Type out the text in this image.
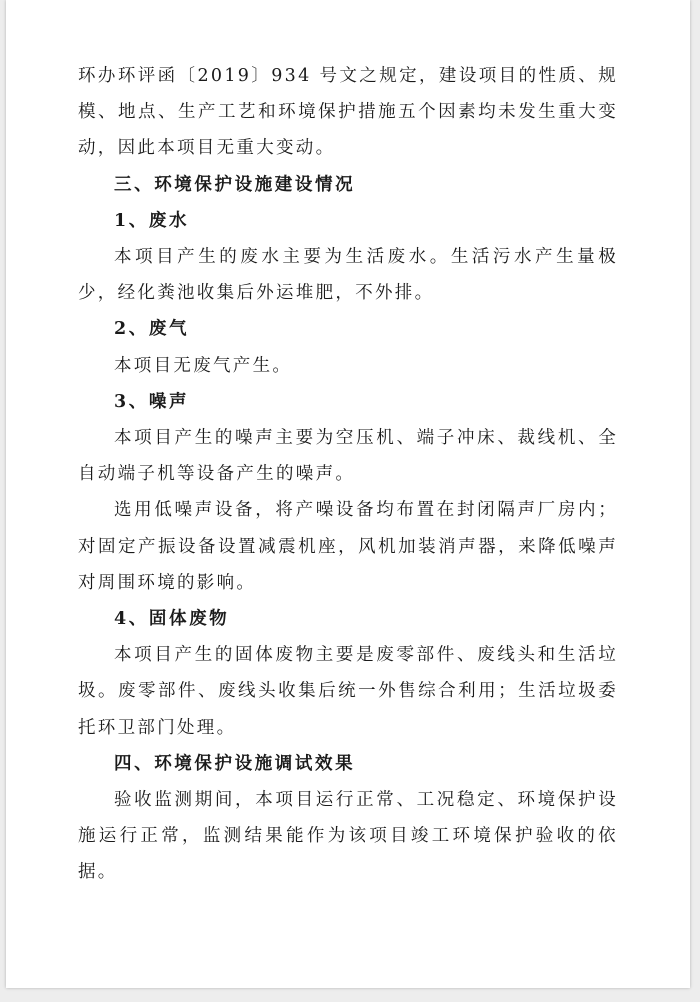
环办环评函〔2019〕934 号文之规定，建设项目的性质、规模、地点、生产工艺和环境保护措施五个因素均未发生重大变动，因此本项目无重大变动。

三、环境保护设施建设情况

1、废水

本项目产生的废水主要为生活废水。生活污水产生量极少，经化粪池收集后外运堆肥，不外排。

2、废气

本项目无废气产生。

3、噪声

本项目产生的噪声主要为空压机、端子冲床、裁线机、全自动端子机等设备产生的噪声。

选用低噪声设备，将产噪设备均布置在封闭隔声厂房内；对固定产振设备设置减震机座，风机加装消声器，来降低噪声对周围环境的影响。

4、固体废物

本项目产生的固体废物主要是废零部件、废线头和生活垃圾。废零部件、废线头收集后统一外售综合利用；生活垃圾委托环卫部门处理。

四、环境保护设施调试效果

验收监测期间，本项目运行正常、工况稳定、环境保护设施运行正常，监测结果能作为该项目竣工环境保护验收的依据。
